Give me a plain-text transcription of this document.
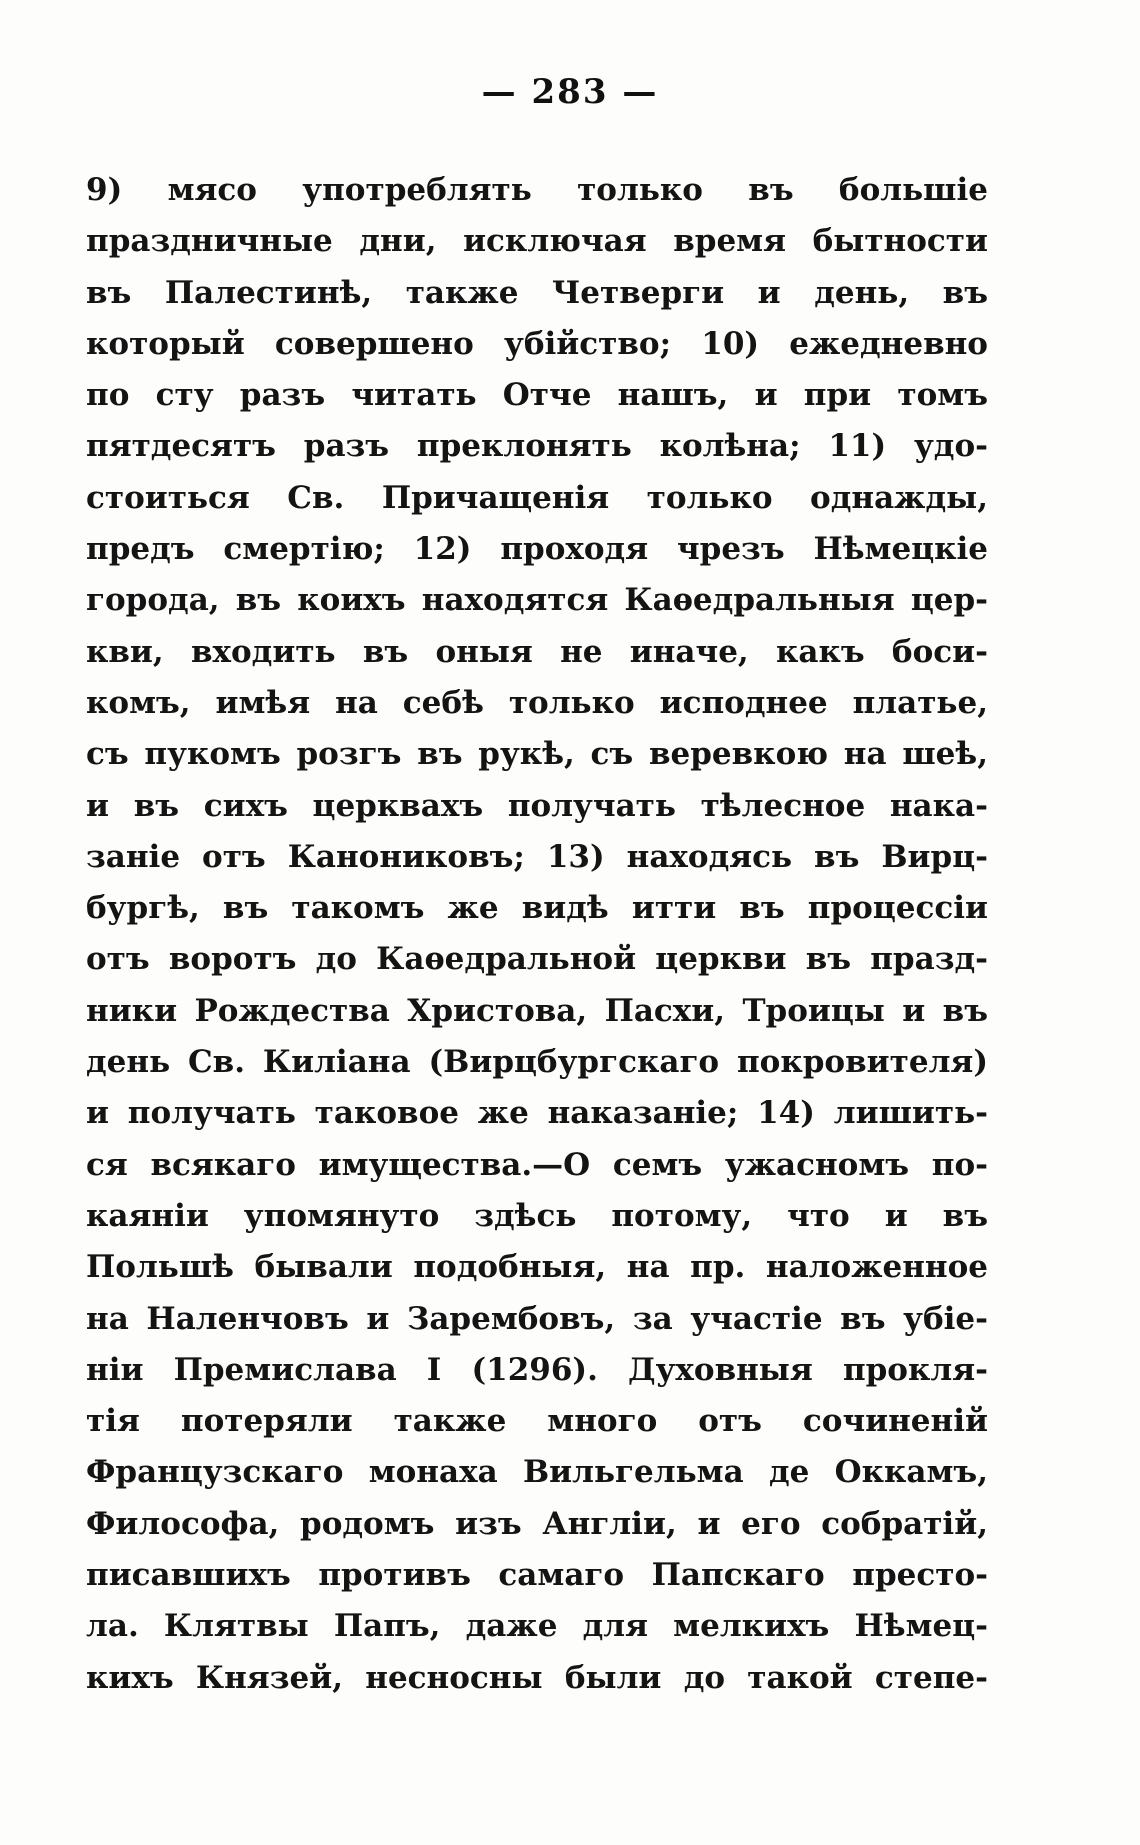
— 283 —
9) мясо употреблять только въ большіе
праздничные дни, исключая время бытности
въ Палестинѣ, также Четверги и день, въ
который совершено убійство; 10) ежедневно
по сту разъ читать Отче нашъ, и при томъ
пятдесятъ разъ преклонять колѣна; 11) удо-
стоиться Св. Причащенія только однажды,
предъ смертію; 12) проходя чрезъ Нѣмецкіе
города, въ коихъ находятся Каѳедральныя цер-
кви, входить въ оныя не иначе, какъ боси-
комъ, имѣя на себѣ только исподнее платье,
съ пукомъ розгъ въ рукѣ, съ веревкою на шеѣ,
и въ сихъ церквахъ получать тѣлесное нака-
заніе отъ Канониковъ; 13) находясь въ Вирц-
бургѣ, въ такомъ же видѣ итти въ процессіи
отъ воротъ до Каѳедральной церкви въ празд-
ники Рождества Христова, Пасхи, Троицы и въ
день Св. Киліана (Вирцбургскаго покровителя)
и получать таковое же наказаніе; 14) лишить-
ся всякаго имущества.—О семъ ужасномъ по-
каяніи упомянуто здѣсь потому, что и въ
Польшѣ бывали подобныя, на пр. наложенное
на Наленчовъ и Зарембовъ, за участіе въ убіе-
ніи Премислава I (1296). Духовныя прокля-
тія потеряли также много отъ сочиненій
Французскаго монаха Вильгельма де Оккамъ,
Философа, родомъ изъ Англіи, и его собратій,
писавшихъ противъ самаго Папскаго престо-
ла. Клятвы Папъ, даже для мелкихъ Нѣмец-
кихъ Князей, несносны были до такой степе-
